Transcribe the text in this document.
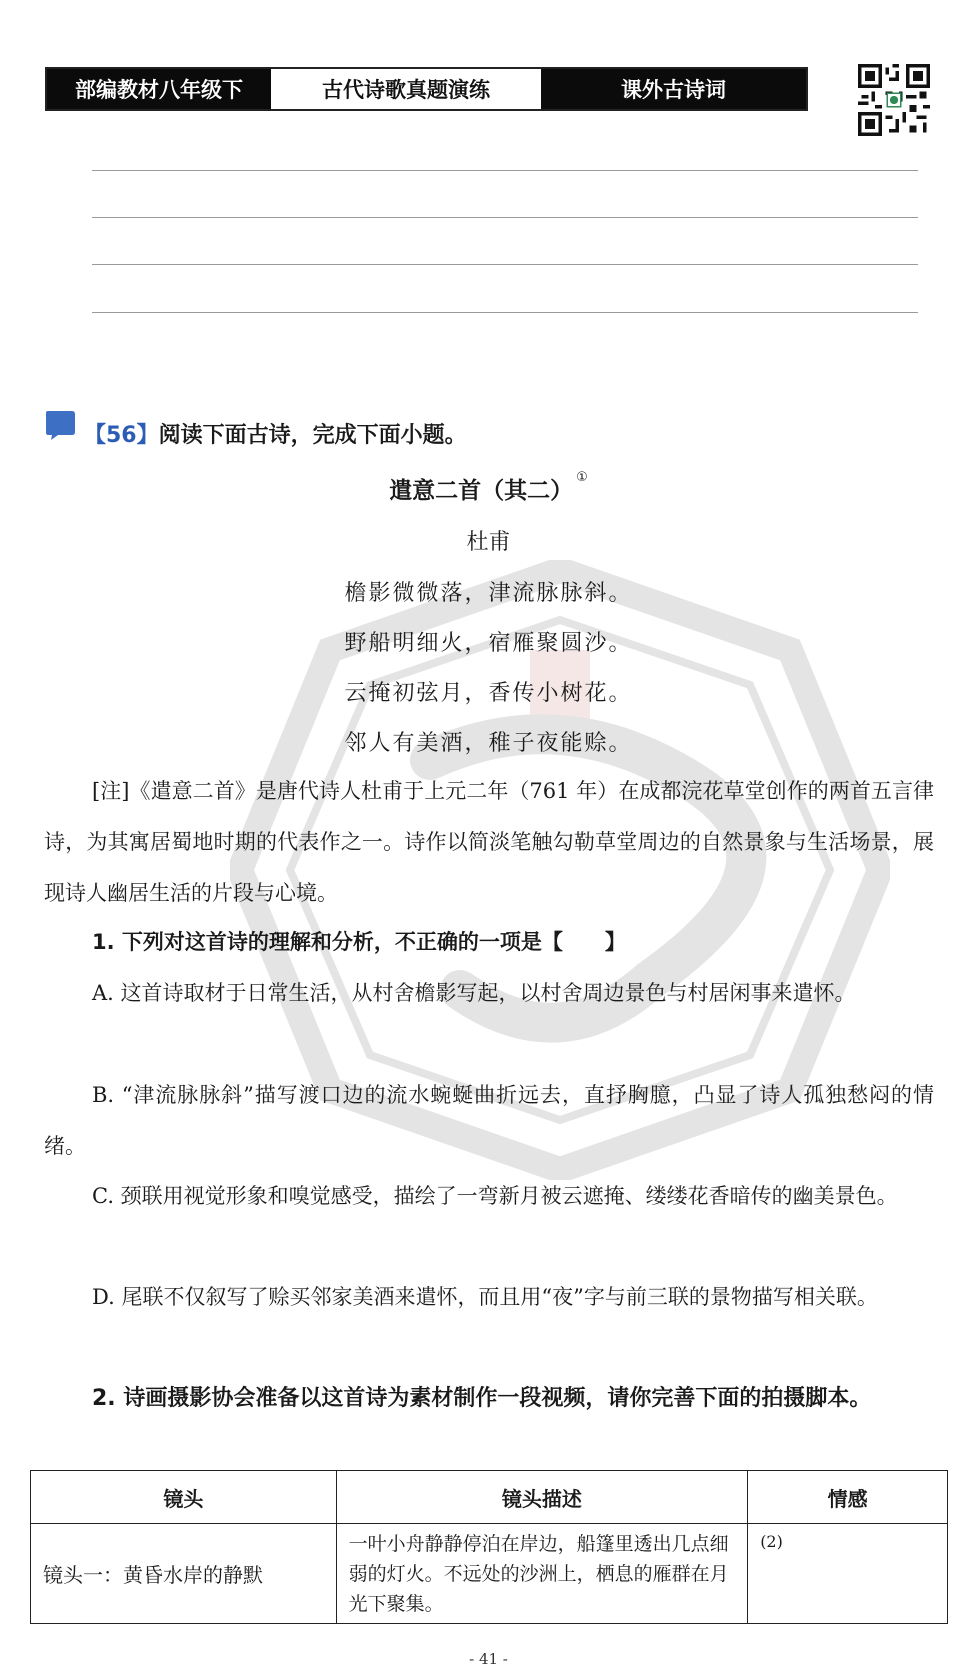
部编教材八年级下	古代诗歌真题演练	课外古诗词
【56】阅读下面古诗，完成下面小题。
遣意二首（其二）①
杜甫
檐影微微落，津流脉脉斜。
野船明细火，宿雁聚圆沙。
云掩初弦月，香传小树花。
邻人有美酒，稚子夜能赊。
[注]《遣意二首》是唐代诗人杜甫于上元二年（761 年）在成都浣花草堂创作的两首五言律诗，为其寓居蜀地时期的代表作之一。诗作以简淡笔触勾勒草堂周边的自然景象与生活场景，展现诗人幽居生活的片段与心境。
1. 下列对这首诗的理解和分析，不正确的一项是【　　】
A. 这首诗取材于日常生活，从村舍檐影写起，以村舍周边景色与村居闲事来遣怀。
B. “津流脉脉斜”描写渡口边的流水蜿蜒曲折远去，直抒胸臆，凸显了诗人孤独愁闷的情绪。
C. 颈联用视觉形象和嗅觉感受，描绘了一弯新月被云遮掩、缕缕花香暗传的幽美景色。
D. 尾联不仅叙写了赊买邻家美酒来遣怀，而且用“夜”字与前三联的景物描写相关联。
2. 诗画摄影协会准备以这首诗为素材制作一段视频，请你完善下面的拍摄脚本。
镜头	镜头描述	情感
镜头一：黄昏水岸的静默	一叶小舟静静停泊在岸边，船篷里透出几点细弱的灯火。不远处的沙洲上，栖息的雁群在月光下聚集。	(2)
- 41 -
